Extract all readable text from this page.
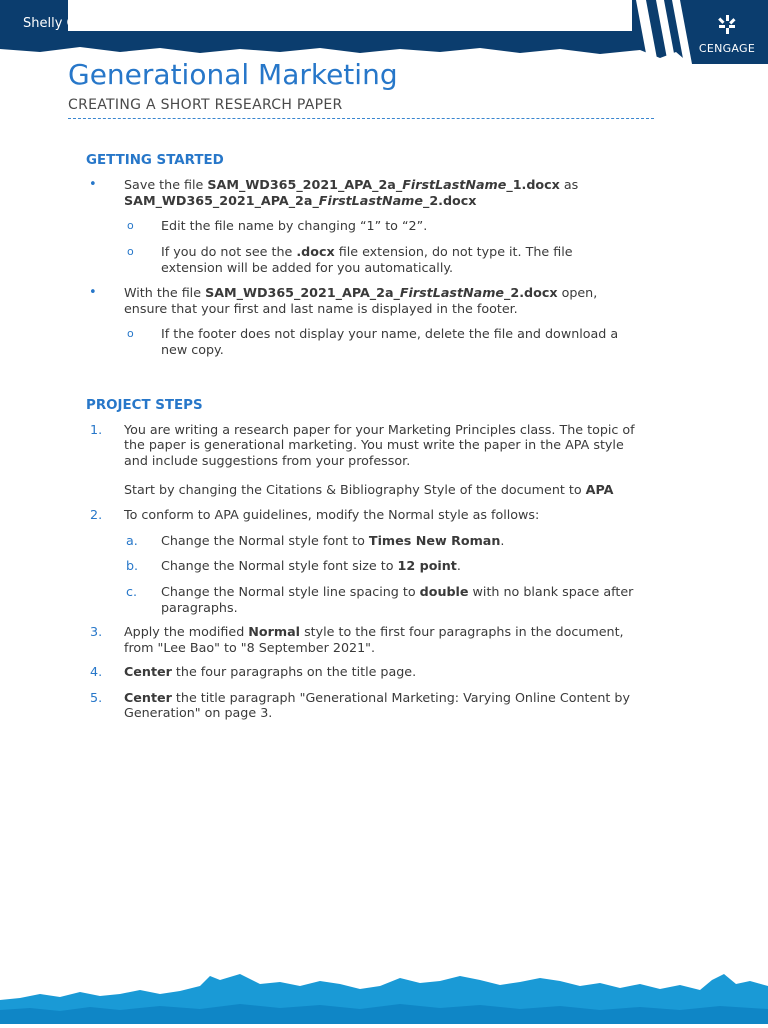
Shelly C
CENGAGE
Generational Marketing
CREATING A SHORT RESEARCH PAPER
GETTING STARTED
• Save the file SAM_WD365_2021_APA_2a_FirstLastName_1.docx as
SAM_WD365_2021_APA_2a_FirstLastName_2.docx
o Edit the file name by changing “1” to “2”.
o If you do not see the .docx file extension, do not type it. The file
extension will be added for you automatically.
• With the file SAM_WD365_2021_APA_2a_FirstLastName_2.docx open,
ensure that your first and last name is displayed in the footer.
o If the footer does not display your name, delete the file and download a
new copy.
PROJECT STEPS
1. You are writing a research paper for your Marketing Principles class. The topic of
the paper is generational marketing. You must write the paper in the APA style
and include suggestions from your professor.
Start by changing the Citations & Bibliography Style of the document to APA
2. To conform to APA guidelines, modify the Normal style as follows:
a. Change the Normal style font to Times New Roman.
b. Change the Normal style font size to 12 point.
c. Change the Normal style line spacing to double with no blank space after
paragraphs.
3. Apply the modified Normal style to the first four paragraphs in the document,
from "Lee Bao" to "8 September 2021".
4. Center the four paragraphs on the title page.
5. Center the title paragraph "Generational Marketing: Varying Online Content by
Generation" on page 3.
